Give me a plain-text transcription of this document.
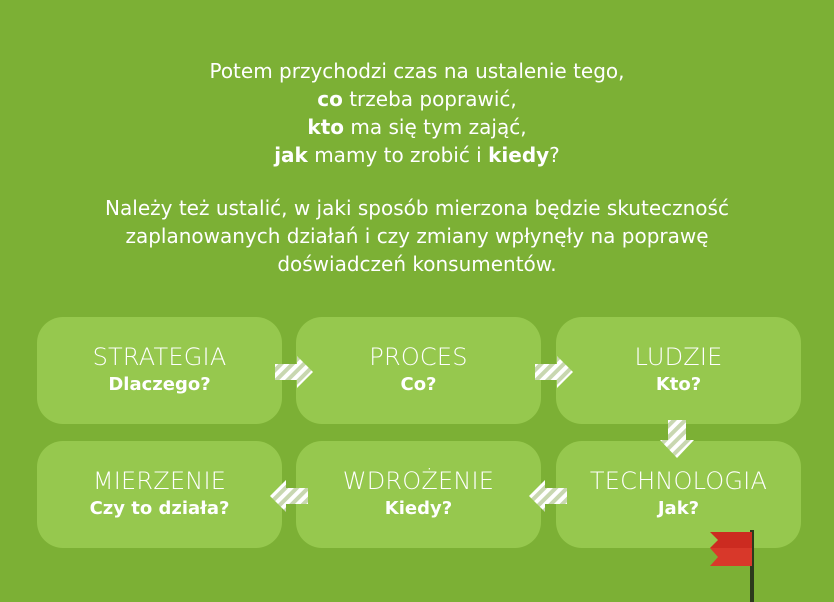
Potem przychodzi czas na ustalenie tego,
co trzeba poprawić,
kto ma się tym zająć,
jak mamy to zrobić i kiedy?
Należy też ustalić, w jaki sposób mierzona będzie skuteczność
zaplanowanych działań i czy zmiany wpłynęły na poprawę
doświadczeń konsumentów.
STRATEGIA
Dlaczego?
PROCES
Co?
LUDZIE
Kto?
MIERZENIE
Czy to działa?
WDROŻENIE
Kiedy?
TECHNOLOGIA
Jak?
